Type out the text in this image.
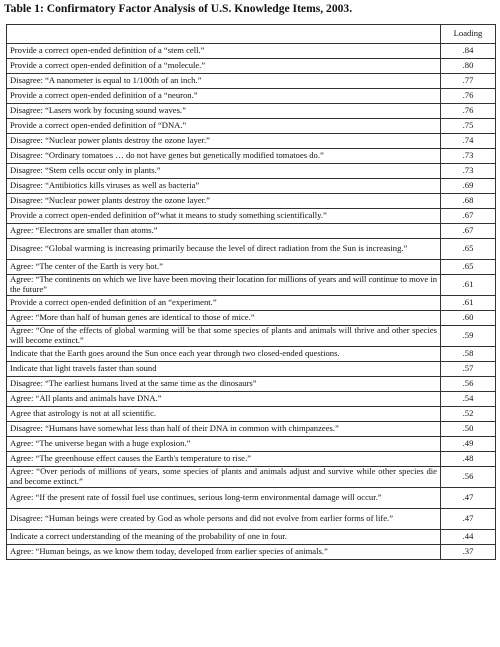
Table 1: Confirmatory Factor Analysis of U.S. Knowledge Items, 2003.
	Loading
Provide a correct open-ended definition of a “stem cell.”	.84
Provide a correct open-ended definition of a “molecule.”	.80
Disagree: “A nanometer is equal to 1/100th of an inch.”	.77
Provide a correct open-ended definition of a “neuron.”	.76
Disagree: “Lasers work by focusing sound waves.”	.76
Provide a correct open-ended definition of “DNA.”	.75
Disagree: “Nuclear power plants destroy the ozone layer.”	.74
Disagree: “Ordinary tomatoes … do not have genes but genetically modified tomatoes do.”	.73
Disagree: “Stem cells occur only in plants.”	.73
Disagree: “Antibiotics kills viruses as well as bacteria”	.69
Disagree: “Nuclear power plants destroy the ozone layer.”	.68
Provide a correct open-ended definition of“what it means to study something scientifically.”	.67
Agree: “Electrons are smaller than atoms.”	.67
Disagree: “Global warming is increasing primarily because the level of direct radiation from the Sun is increasing.”	.65
Agree: “The center of the Earth is very hot.”	.65
Agree: “The continents on which we live have been moving their location for millions of years and will continue to move in the future”	.61
Provide a correct open-ended definition of an “experiment.”	.61
Agree: “More than half of human genes are identical to those of mice.”	.60
Agree: “One of the effects of global warming will be that some species of plants and animals will thrive and other species will become extinct.”	.59
Indicate that the Earth goes around the Sun once each year through two closed-ended questions.	.58
Indicate that light travels faster than sound	.57
Disagree: “The earliest humans lived at the same time as the dinosaurs”	.56
Agree: “All plants and animals have DNA.”	.54
Agree that astrology is not at all scientific.	.52
Disagree: “Humans have somewhat less than half of their DNA in common with chimpanzees.”	.50
Agree: “The universe began with a huge explosion.”	.49
Agree: “The greenhouse effect causes the Earth's temperature to rise.”	.48
Agree: “Over periods of millions of years, some species of plants and animals adjust and survive while other species die and become extinct.”	.56
Agree: “If the present rate of fossil fuel use continues, serious long-term environmental damage will occur.”	.47
Disagree: “Human beings were created by God as whole persons and did not evolve from earlier forms of life.”	.47
Indicate a correct understanding of the meaning of the probability of one in four.	.44
Agree: “Human beings, as we know them today, developed from earlier species of animals.”	.37
